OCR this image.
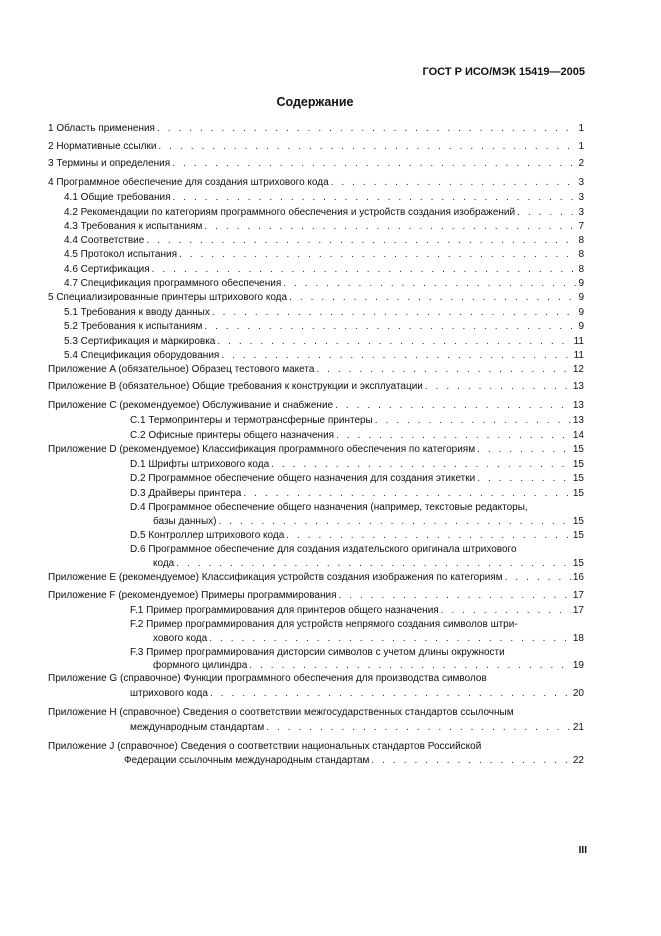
ГОСТ Р ИСО/МЭК 15419—2005
Содержание
1 Область применения . . .	1
2 Нормативные ссылки . . .	1
3 Термины и определения . . .	2
4 Программное обеспечение для создания штрихового кода . . .	3
4.1 Общие требования . . .	3
4.2 Рекомендации по категориям программного обеспечения и устройств создания изображений . . .	3
4.3 Требования к испытаниям . . .	7
4.4 Соответствие . . .	8
4.5 Протокол испытания . . .	8
4.6 Сертификация . . .	8
4.7 Спецификация программного обеспечения . . .	9
5 Специализированные принтеры штрихового кода . . .	9
5.1 Требования к вводу данных . . .	9
5.2 Требования к испытаниям . . .	9
5.3 Сертификация и маркировка . . .	11
5.4 Спецификация оборудования . . .	11
Приложение A (обязательное) Образец тестового макета . . .	12
Приложение B (обязательное) Общие требования к конструкции и эксплуатации . . .	13
Приложение C (рекомендуемое) Обслуживание и снабжение . . .	13
C.1 Термопринтеры и термотрансферные принтеры . . .	13
C.2 Офисные принтеры общего назначения . . .	14
Приложение D (рекомендуемое) Классификация программного обеспечения по категориям . . .	15
D.1 Шрифты штрихового кода . . .	15
D.2 Программное обеспечение общего назначения для создания этикетки . . .	15
D.3 Драйверы принтера . . .	15
D.4 Программное обеспечение общего назначения (например, текстовые редакторы,
базы данных) . . .	15
D.5 Контроллер штрихового кода . . .	15
D.6 Программное обеспечение для создания издательского оригинала штрихового
кода . . .	15
Приложение E (рекомендуемое) Классификация устройств создания изображения по категориям . . .	16
Приложение F (рекомендуемое) Примеры программирования . . .	17
F.1 Пример программирования для принтеров общего назначения . . .	17
F.2 Пример программирования для устройств непрямого создания символов штри-
хового кода . . .	18
F.3 Пример программирования дисторсии символов с учетом длины окружности
формного цилиндра . . .	19
Приложение G (справочное) Функции программного обеспечения для производства символов
штрихового кода . . .	20
Приложение H (справочное) Сведения о соответствии межгосударственных стандартов ссылочным
международным стандартам . . .	21
Приложение J (справочное) Сведения о соответствии национальных стандартов Российской
Федерации ссылочным международным стандартам . . .	22
III
